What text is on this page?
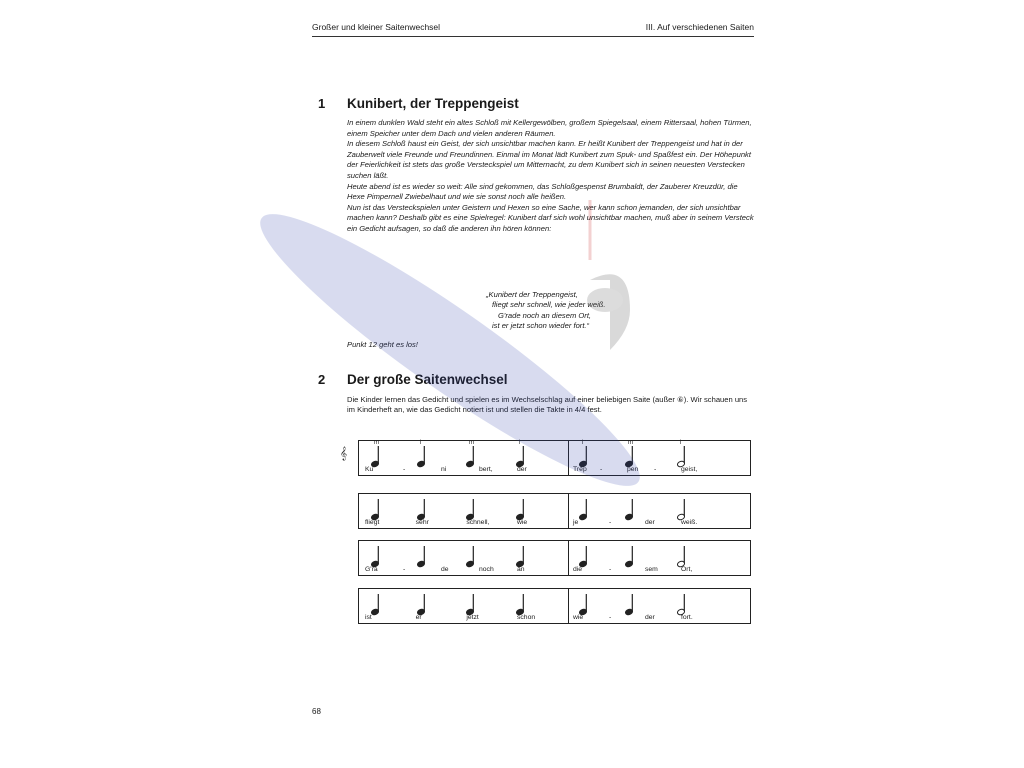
Großer und kleiner Saitenwechsel	III. Auf verschiedenen Saiten
1 Kunibert, der Treppengeist

In einem dunklen Wald steht ein altes Schloß mit Kellergewölben, großem Spiegelsaal, einem Rittersaal, hohen Türmen, einem Speicher unter dem Dach und vielen anderen Räumen.

In diesem Schloß haust ein Geist, der sich unsichtbar machen kann. Er heißt Kunibert der Treppengeist und hat in der Zauberwelt viele Freunde und Freundinnen. Einmal im Monat lädt Kunibert zum Spuk- und Spaßfest ein. Der Höhepunkt der Feierlichkeit ist stets das große Versteckspiel um Mitternacht, zu dem Kunibert sich in seinen neuesten Verstecken suchen läßt.

Heute abend ist es wieder so weit: Alle sind gekommen, das Schloßgespenst Brumbaldt, der Zauberer Kreuzdür, die Hexe Pimpernell Zwiebelhaut und wie sie sonst noch alle heißen.

Nun ist das Versteckspielen unter Geistern und Hexen so eine Sache, wer kann schon jemanden, der sich unsichtbar machen kann? Deshalb gibt es eine Spielregel: Kunibert darf sich wohl unsichtbar machen, muß aber in seinem Versteck ein Gedicht aufsagen, so daß die anderen ihn hören können:

„Kunibert der Treppengeist,
fliegt sehr schnell, wie jeder weiß.
G'rade noch an diesem Ort,
ist er jetzt schon wieder fort.“
Punkt 12 geht es los!
2 Der große Saitenwechsel

Die Kinder lernen das Gedicht und spielen es im Wechselschlag auf einer beliebigen Saite (außer ⑥). Wir schauen uns im Kinderheft an, wie das Gedicht notiert ist und stellen die Takte in 4/4 fest.

𝄞
m	i	m	i	i	m	i
Ku	-	ni	bert,	der	Trep -	pen -	geist,
fliegt	sehr	schnell,	wie	je	-	der	weiß.
G'ra	-	de	noch	an	die	-	sem	Ort,
ist	er	jetzt	schon	wie	-	der	fort.
68
